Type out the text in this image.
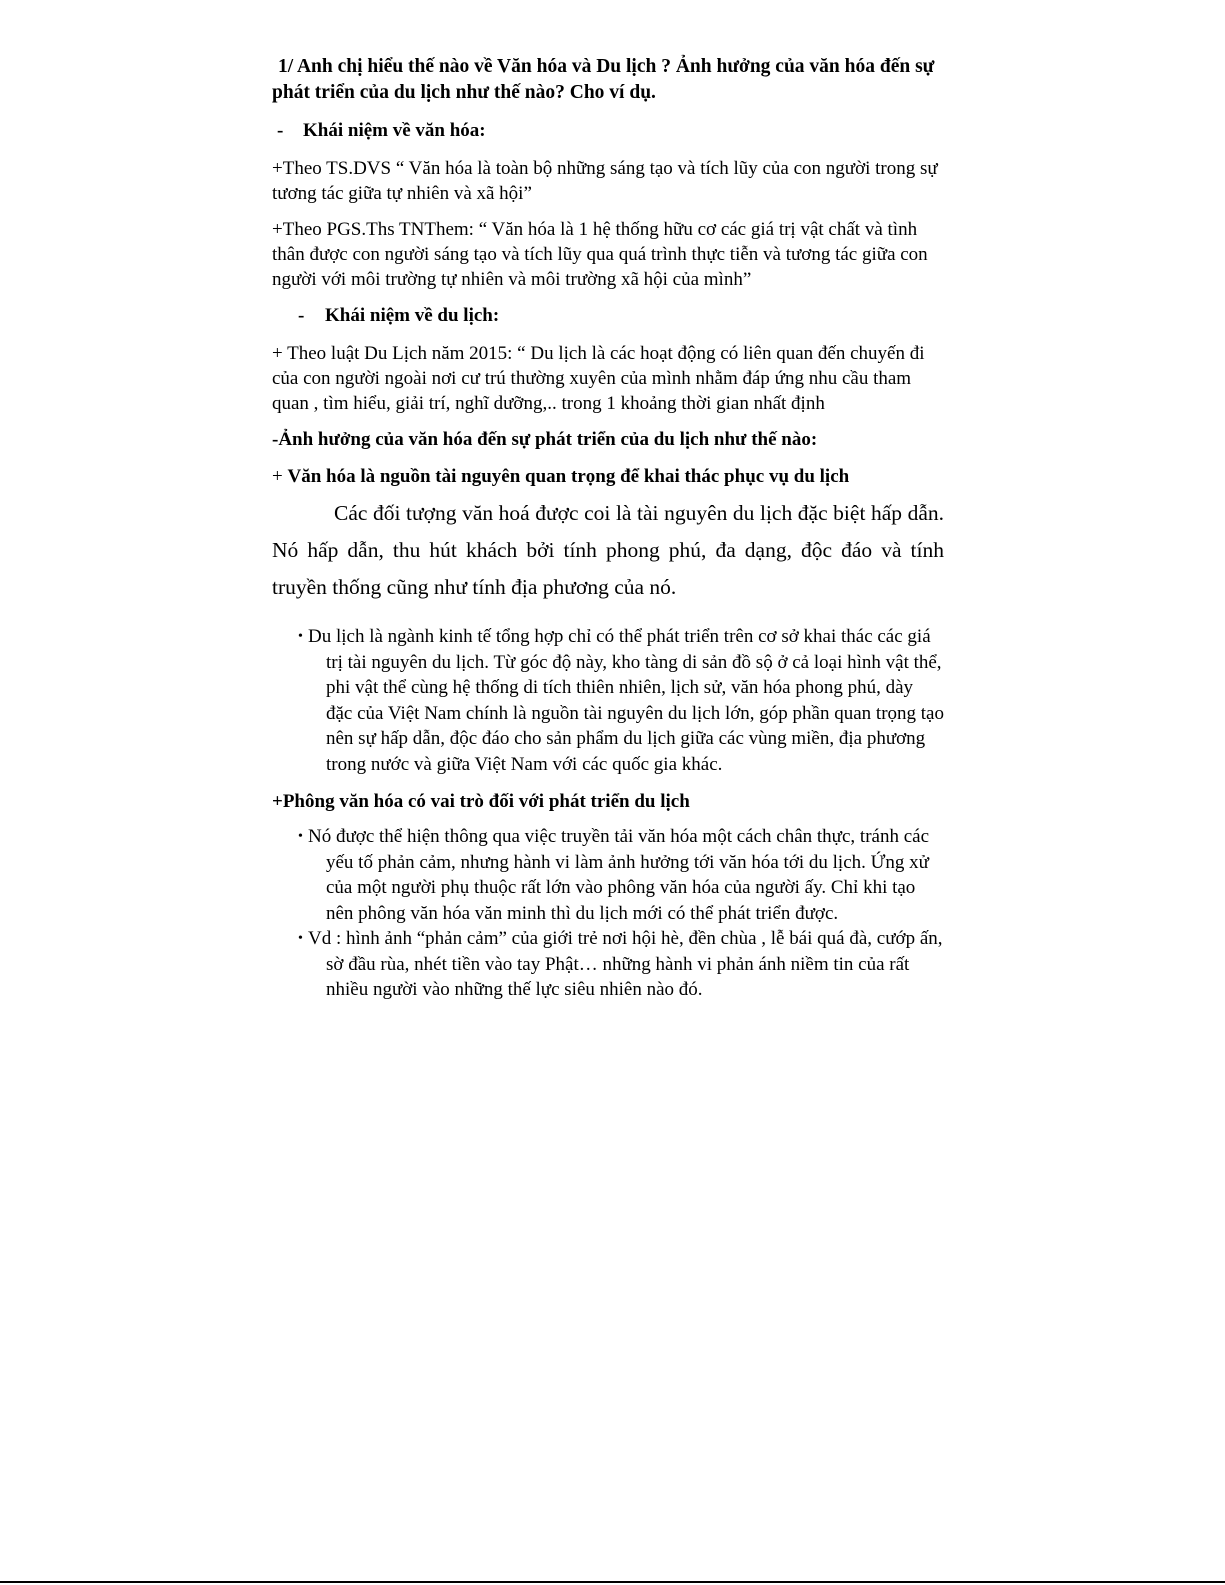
1/ Anh chị hiểu thế nào về Văn hóa và Du lịch ? Ảnh hưởng của văn hóa đến sự phát triển của du lịch như thế nào? Cho ví dụ.

-	Khái niệm về văn hóa:

+Theo TS.DVS “ Văn hóa là toàn bộ những sáng tạo và tích lũy của con người trong sự tương tác giữa tự nhiên và xã hội”

+Theo PGS.Ths TNThem: “ Văn hóa là 1 hệ thống hữu cơ các giá trị vật chất và tình thân được con người sáng tạo và tích lũy qua quá trình thực tiễn và tương tác giữa con người với môi trường tự nhiên và môi trường xã hội của mình”

-	Khái niệm về du lịch:

+ Theo luật Du Lịch năm 2015: “ Du lịch là các hoạt động có liên quan đến chuyến đi của con người ngoài nơi cư trú thường xuyên của mình nhằm đáp ứng nhu cầu tham quan , tìm hiểu, giải trí, nghĩ dưỡng,.. trong 1 khoảng thời gian nhất định

-Ảnh hưởng của văn hóa đến sự phát triển của du lịch như thế nào:

+ Văn hóa là nguồn tài nguyên quan trọng để khai thác phục vụ du lịch

Các đối tượng văn hoá được coi là tài nguyên du lịch đặc biệt hấp dẫn. Nó hấp dẫn, thu hút khách bởi tính phong phú, đa dạng, độc đáo và tính truyền thống cũng như tính địa phương của nó.

• Du lịch là ngành kinh tế tổng hợp chỉ có thể phát triển trên cơ sở khai thác các giá trị tài nguyên du lịch. Từ góc độ này, kho tàng di sản đồ sộ ở cả loại hình vật thể, phi vật thể cùng hệ thống di tích thiên nhiên, lịch sử, văn hóa phong phú, dày đặc của Việt Nam chính là nguồn tài nguyên du lịch lớn, góp phần quan trọng tạo nên sự hấp dẫn, độc đáo cho sản phẩm du lịch giữa các vùng miền, địa phương trong nước và giữa Việt Nam với các quốc gia khác.

+Phông văn hóa có vai trò đối với phát triển du lịch

• Nó được thể hiện thông qua việc truyền tải văn hóa một cách chân thực, tránh các yếu tố phản cảm, nhưng hành vi làm ảnh hưởng tới văn hóa tới du lịch. Ứng xử của một người phụ thuộc rất lớn vào phông văn hóa của người ấy. Chỉ khi tạo nên phông văn hóa văn minh thì du lịch mới có thể phát triển được.
• Vd : hình ảnh “phản cảm” của giới trẻ nơi hội hè, đền chùa , lễ bái quá đà, cướp ấn, sờ đầu rùa, nhét tiền vào tay Phật… những hành vi phản ánh niềm tin của rất nhiều người vào những thế lực siêu nhiên nào đó.
